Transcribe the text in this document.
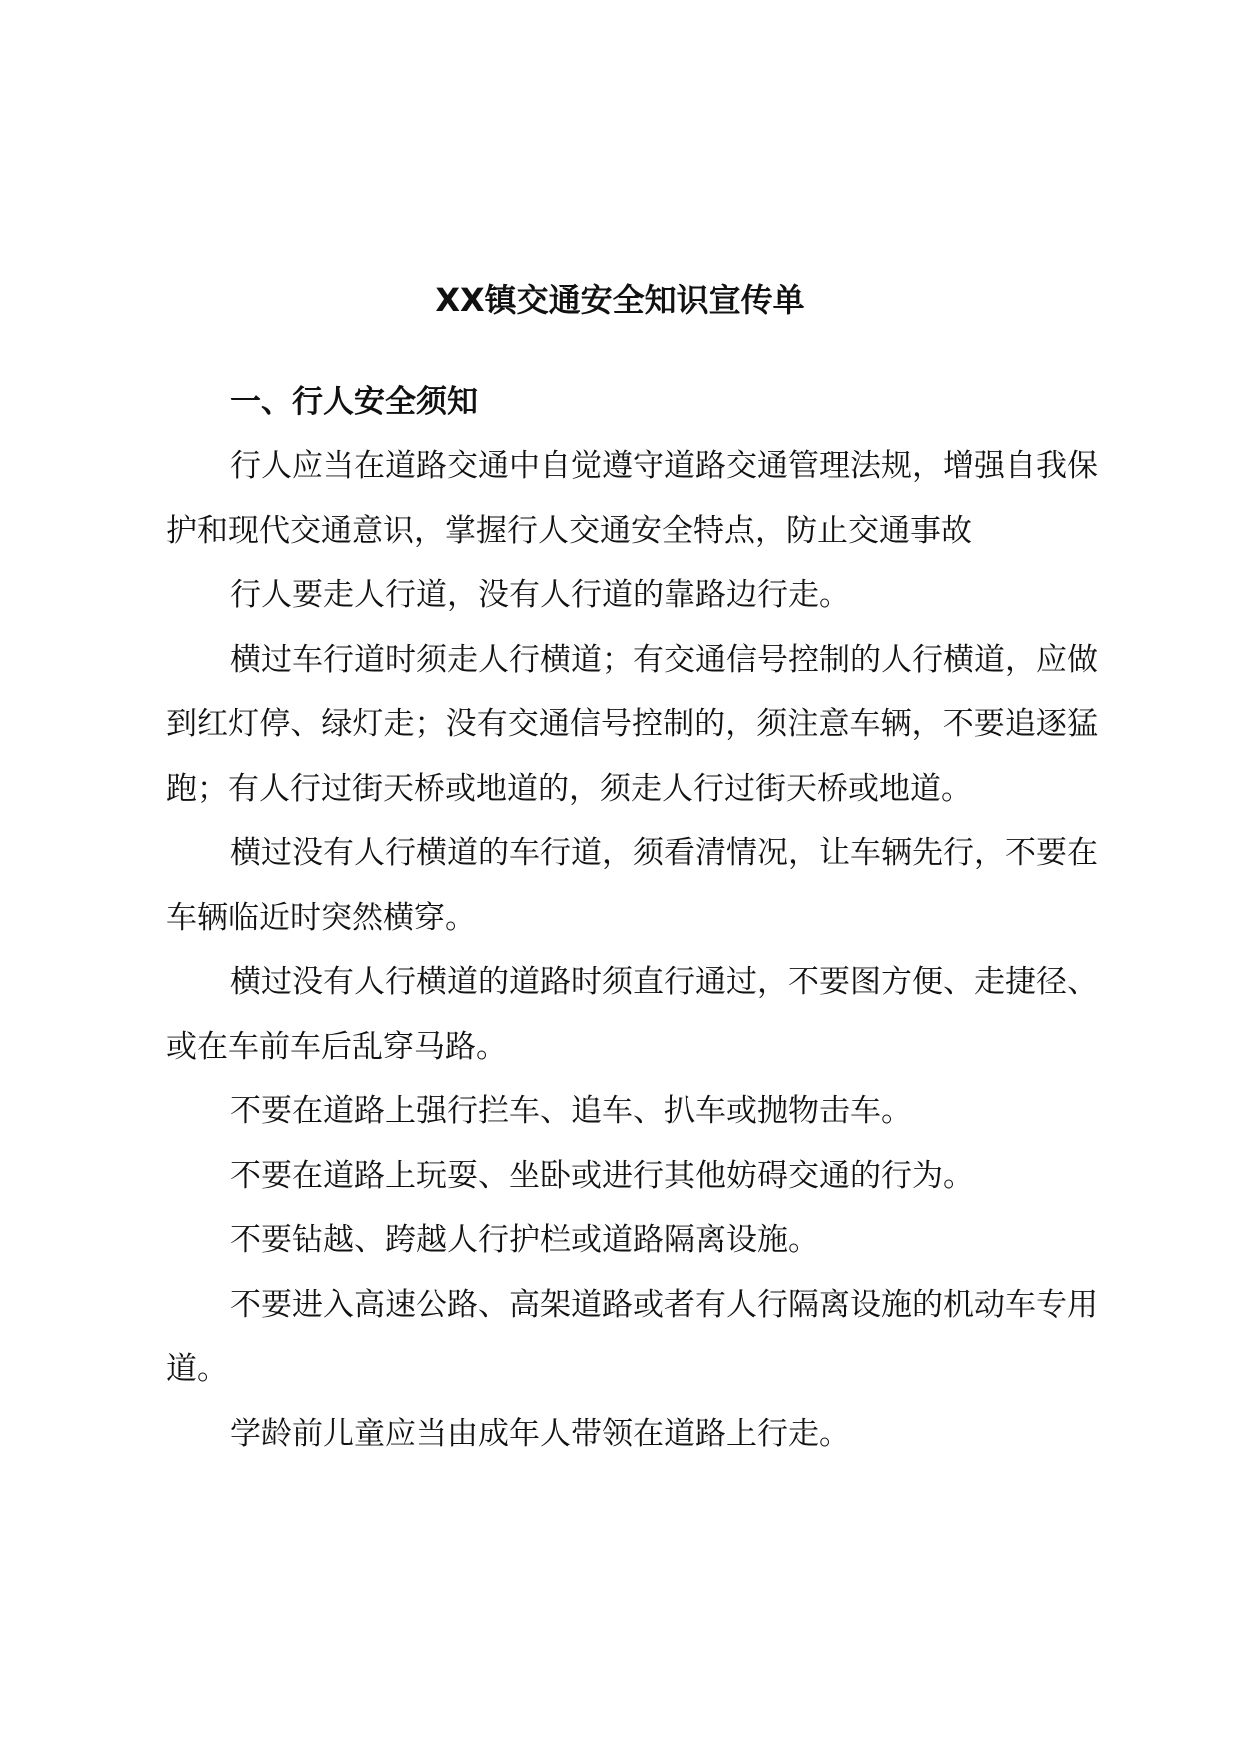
XX镇交通安全知识宣传单

一、行人安全须知

行人应当在道路交通中自觉遵守道路交通管理法规，增强自我保护和现代交通意识，掌握行人交通安全特点，防止交通事故

行人要走人行道，没有人行道的靠路边行走。

横过车行道时须走人行横道；有交通信号控制的人行横道，应做到红灯停、绿灯走；没有交通信号控制的，须注意车辆，不要追逐猛跑；有人行过街天桥或地道的，须走人行过街天桥或地道。

横过没有人行横道的车行道，须看清情况，让车辆先行，不要在车辆临近时突然横穿。

横过没有人行横道的道路时须直行通过，不要图方便、走捷径、或在车前车后乱穿马路。

不要在道路上强行拦车、追车、扒车或抛物击车。

不要在道路上玩耍、坐卧或进行其他妨碍交通的行为。

不要钻越、跨越人行护栏或道路隔离设施。

不要进入高速公路、高架道路或者有人行隔离设施的机动车专用道。

学龄前儿童应当由成年人带领在道路上行走。
